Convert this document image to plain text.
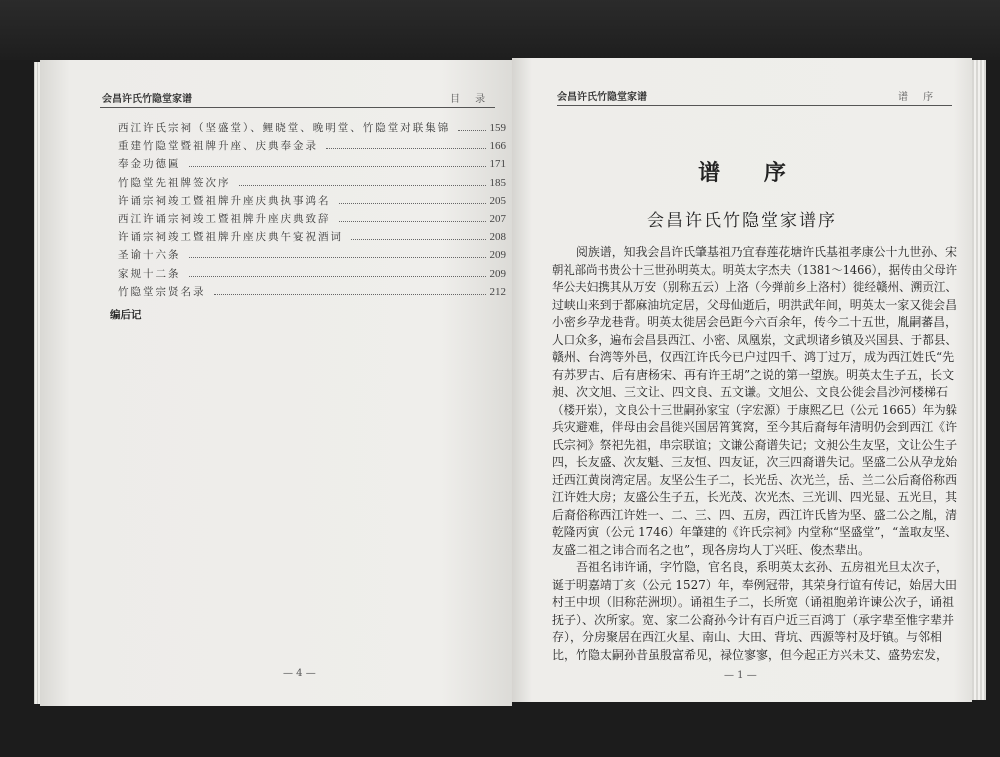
会昌许氏竹隐堂家谱	目 录
西江许氏宗祠（坚盛堂）、鲤晓堂、晚明堂、竹隐堂对联集锦	159
重建竹隐堂暨祖牌升座、庆典奉金录	166
奉金功德匾	171
竹隐堂先祖牌签次序	185
许诵宗祠竣工暨祖牌升座庆典执事鸿名	205
西江许诵宗祠竣工暨祖牌升座庆典致辞	207
许诵宗祠竣工暨祖牌升座庆典午宴祝酒词	208
圣谕十六条	209
家规十二条	209
竹隐堂宗贤名录	212
编后记
— 4 —
会昌许氏竹隐堂家谱	谱 序
谱 序
会昌许氏竹隐堂家谱序
阅族谱，知我会昌许氏肇基祖乃宜春莲花塘许氏基祖孝康公十九世孙、宋
朝礼部尚书贵公十三世孙明英太。明英太字杰夫（1381～1466），据传由父母许
华公夫妇携其从万安（别称五云）上洛（今弹前乡上洛村）徙经赣州、溯贡江、
过峡山来到于都麻油坑定居，父母仙逝后，明洪武年间，明英太一家又徙会昌
小密乡孕龙巷背。明英太徙居会邑距今六百余年，传今二十五世，胤嗣蕃昌，
人口众多，遍布会昌县西江、小密、凤凰岽，文武坝诸乡镇及兴国县、于都县、
赣州、台湾等外邑，仅西江许氏今已户过四千、鸿丁过万，成为西江姓氏“先
有苏罗古、后有唐杨宋、再有许王胡”之说的第一望族。明英太生子五，长文
昶、次文旭、三文让、四文良、五文谦。文旭公、文良公徙会昌沙河楼梯石
（楼开岽），文良公十三世嗣孙家宝（字宏源）于康熙乙巳（公元 1665）年为躲
兵灾避难，伴母由会昌徙兴国居筲箕窝，至今其后裔每年清明仍会到西江《许
氏宗祠》祭祀先祖，串宗联谊；文谦公裔谱失记；文昶公生友坚，文让公生子
四，长友盛、次友魁、三友恒、四友证，次三四裔谱失记。坚盛二公从孕龙始
迁西江黄岗湾定居。友坚公生子二，长光岳、次光兰，岳、兰二公后裔俗称西
江许姓大房；友盛公生子五，长光茂、次光杰、三光训、四光显、五光旦，其
后裔俗称西江许姓一、二、三、四、五房，西江许氏皆为坚、盛二公之胤，清
乾隆丙寅（公元 1746）年肇建的《许氏宗祠》内堂称“坚盛堂”，“盖取友坚、
友盛二祖之讳合而名之也”，现各房均人丁兴旺、俊杰辈出。
吾祖名讳许诵，字竹隐，官名良，系明英太玄孙、五房祖光旦太次子，
诞于明嘉靖丁亥（公元 1527）年，奉例冠带，其荣身行谊有传记，始居大田
村王中坝（旧称茫洲坝）。诵祖生子二，长所宽（诵祖胞弟许谏公次子，诵祖
抚子）、次所家。宽、家二公裔孙今计有百户近三百鸿丁（承字辈至惟字辈并
存），分房聚居在西江火星、南山、大田、背坑、西源等村及圩镇。与邻相
比，竹隐太嗣孙昔虽殷富希见，禄位寥寥，但今起正方兴未艾、盛势宏发，
— 1 —
